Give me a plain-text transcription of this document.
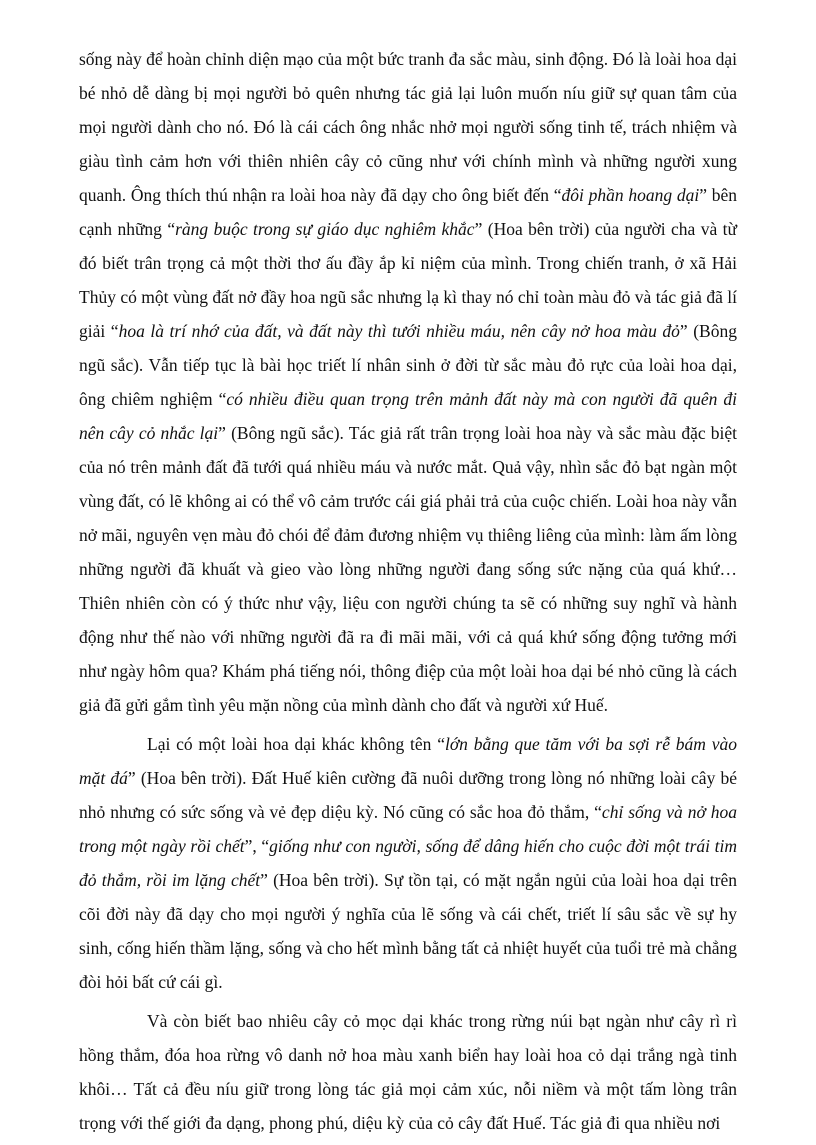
sống này để hoàn chỉnh diện mạo của một bức tranh đa sắc màu, sinh động. Đó là loài hoa dại bé nhỏ dễ dàng bị mọi người bỏ quên nhưng tác giả lại luôn muốn níu giữ sự quan tâm của mọi người dành cho nó. Đó là cái cách ông nhắc nhở mọi người sống tinh tế, trách nhiệm và giàu tình cảm hơn với thiên nhiên cây cỏ cũng như với chính mình và những người xung quanh. Ông thích thú nhận ra loài hoa này đã dạy cho ông biết đến “đôi phần hoang dại” bên cạnh những “ràng buộc trong sự giáo dục nghiêm khắc” (Hoa bên trời) của người cha và từ đó biết trân trọng cả một thời thơ ấu đầy ắp kỉ niệm của mình. Trong chiến tranh, ở xã Hải Thủy có một vùng đất nở đầy hoa ngũ sắc nhưng lạ kì thay nó chỉ toàn màu đỏ và tác giả đã lí giải “hoa là trí nhớ của đất, và đất này thì tưới nhiều máu, nên cây nở hoa màu đỏ” (Bông ngũ sắc). Vẫn tiếp tục là bài học triết lí nhân sinh ở đời từ sắc màu đỏ rực của loài hoa dại, ông chiêm nghiệm “có nhiều điều quan trọng trên mảnh đất này mà con người đã quên đi nên cây cỏ nhắc lại” (Bông ngũ sắc). Tác giả rất trân trọng loài hoa này và sắc màu đặc biệt của nó trên mảnh đất đã tưới quá nhiều máu và nước mắt. Quả vậy, nhìn sắc đỏ bạt ngàn một vùng đất, có lẽ không ai có thể vô cảm trước cái giá phải trả của cuộc chiến. Loài hoa này vẫn nở mãi, nguyên vẹn màu đỏ chói để đảm đương nhiệm vụ thiêng liêng của mình: làm ấm lòng những người đã khuất và gieo vào lòng những người đang sống sức nặng của quá khứ… Thiên nhiên còn có ý thức như vậy, liệu con người chúng ta sẽ có những suy nghĩ và hành động như thế nào với những người đã ra đi mãi mãi, với cả quá khứ sống động tưởng mới như ngày hôm qua? Khám phá tiếng nói, thông điệp của một loài hoa dại bé nhỏ cũng là cách giả đã gửi gắm tình yêu mặn nồng của mình dành cho đất và người xứ Huế.

Lại có một loài hoa dại khác không tên “lớn bằng que tăm với ba sợi rễ bám vào mặt đá” (Hoa bên trời). Đất Huế kiên cường đã nuôi dưỡng trong lòng nó những loài cây bé nhỏ nhưng có sức sống và vẻ đẹp diệu kỳ. Nó cũng có sắc hoa đỏ thắm, “chỉ sống và nở hoa trong một ngày rồi chết”, “giống như con người, sống để dâng hiến cho cuộc đời một trái tim đỏ thắm, rồi im lặng chết” (Hoa bên trời). Sự tồn tại, có mặt ngắn ngủi của loài hoa dại trên cõi đời này đã dạy cho mọi người ý nghĩa của lẽ sống và cái chết, triết lí sâu sắc về sự hy sinh, cống hiến thầm lặng, sống và cho hết mình bằng tất cả nhiệt huyết của tuổi trẻ mà chẳng đòi hỏi bất cứ cái gì.

Và còn biết bao nhiêu cây cỏ mọc dại khác trong rừng núi bạt ngàn như cây rì rì hồng thắm, đóa hoa rừng vô danh nở hoa màu xanh biển hay loài hoa cỏ dại trắng ngà tinh khôi… Tất cả đều níu giữ trong lòng tác giả mọi cảm xúc, nỗi niềm và một tấm lòng trân trọng với thế giới đa dạng, phong phú, diệu kỳ của cỏ cây đất Huế. Tác giả đi qua nhiều nơi
